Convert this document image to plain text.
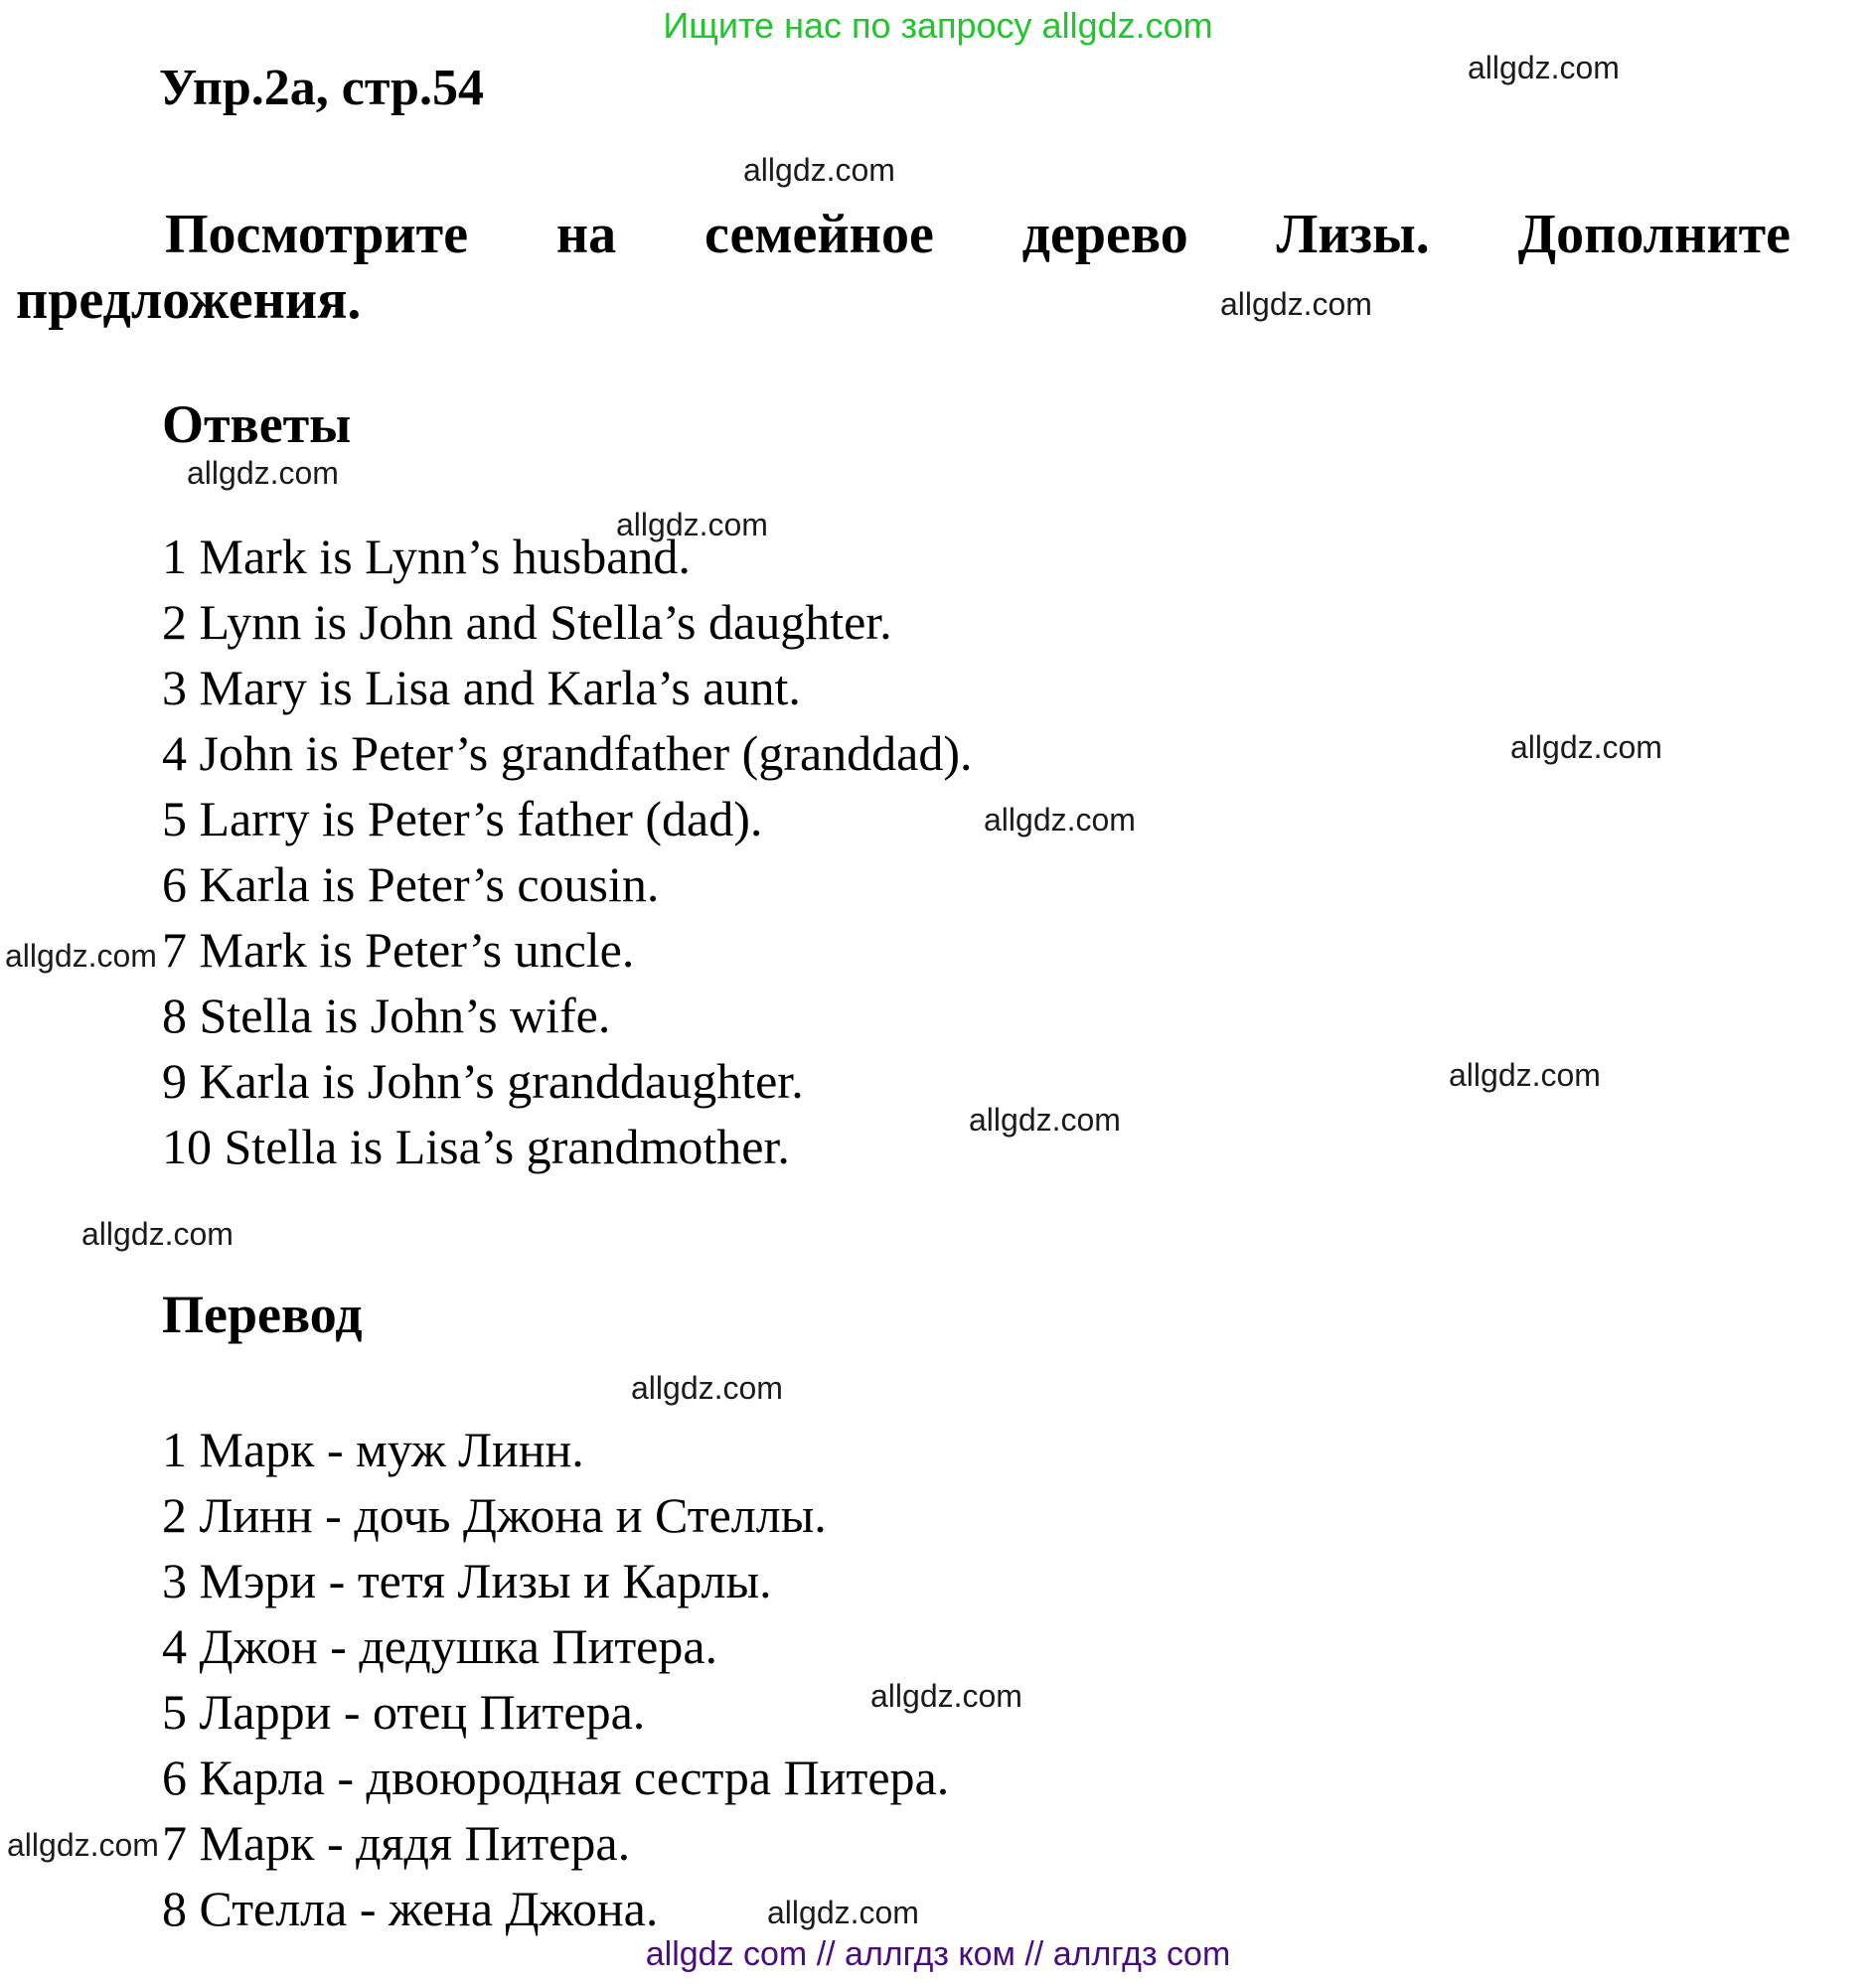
Ищите нас по запросу allgdz.com
allgdz.com
allgdz.com
allgdz.com
allgdz.com
allgdz.com
allgdz.com
allgdz.com
allgdz.com
allgdz.com
allgdz.com
allgdz.com
allgdz.com
allgdz.com
allgdz.com
allgdz.com
Упр.2а, стр.54
Посмотрите на семейное дерево Лизы. Дополните
предложения.
Ответы
1 Mark is Lynn’s husband.
2 Lynn is John and Stella’s daughter.
3 Mary is Lisa and Karla’s aunt.
4 John is Peter’s grandfather (granddad).
5 Larry is Peter’s father (dad).
6 Karla is Peter’s cousin.
7 Mark is Peter’s uncle.
8 Stella is John’s wife.
9 Karla is John’s granddaughter.
10 Stella is Lisa’s grandmother.
Перевод
1 Марк - муж Линн.
2 Линн - дочь Джона и Стеллы.
3 Мэри - тетя Лизы и Карлы.
4 Джон - дедушка Питера.
5 Ларри - отец Питера.
6 Карла - двоюродная сестра Питера.
7 Марк - дядя Питера.
8 Стелла - жена Джона.
allgdz com // аллгдз ком // аллгдз com
